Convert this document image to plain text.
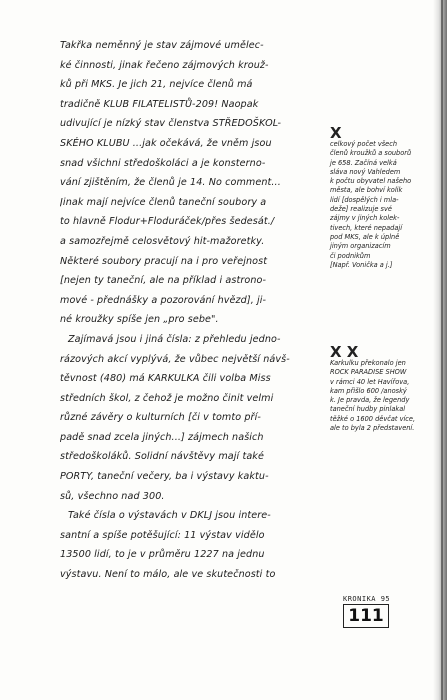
Takřka neměnný je stav zájmové umělec-
ké činnosti, jinak řečeno zájmových krouž-
ků při MKS. Je jich 21, nejvíce členů má
tradičně KLUB FILATELISTŮ-209! Naopak
udivující je nízký stav členstva STŘEDOŠKOL-
SKÉHO KLUBU ...jak očekává, že vněm jsou
snad všichni středoškoláci a je konsterno-
vání zjištěním, že členů je 14. No comment...
Jinak mají nejvíce členů taneční soubory a
to hlavně Flodur+Floduráček/přes šedesát./
a samozřejmě celosvětový hit-mažoretky.
Některé soubory pracují na i pro veřejnost
[nejen ty taneční, ale na příklad i astrono-
mové - přednášky a pozorování hvězd], ji-
né kroužky spíše jen „pro sebe".
Zajímavá jsou i jiná čísla: z přehledu jedno-
rázových akcí vyplývá, že vůbec největší návš-
těvnost (480) má KARKULKA čili volba Miss
středních škol, z čehož je možno činit velmi
různé závěry o kulturních [či v tomto pří-
padě snad zcela jiných...] zájmech našich
středoškoláků. Solidní návštěvy mají také
PORTY, taneční večery, ba i výstavy kaktu-
sů, všechno nad 300.
Také čísla o výstavách v DKLJ jsou intere-
santní a spíše potěšující: 11 výstav vidělo
13500 lidí, to je v průměru 1227 na jednu
výstavu. Není to málo, ale ve skutečnosti to
X
celkový počet všech
členů kroužků a souborů
je 658. Začíná velká
sláva nový Vahledem
k počtu obyvatel našeho
města, ale bohví kolik
lidí [dospělých i mla-
deže] realizuje své
zájmy v jiných kolek-
tivech, které nepadají
pod MKS, ale k úplně
jiným organizacím
či podnikům
[Např. Vonička a j.]
X X
Karkulku překonalo jen
ROCK PARADISE SHOW
v rámci 40 let Havířova,
kam přišlo 600 /anoský
k. Je pravda, že legendy
taneční hudby pinlakal
těžké o 1600 děvčat více,
ale to byla 2 představení.
KRONIKA 95
111
